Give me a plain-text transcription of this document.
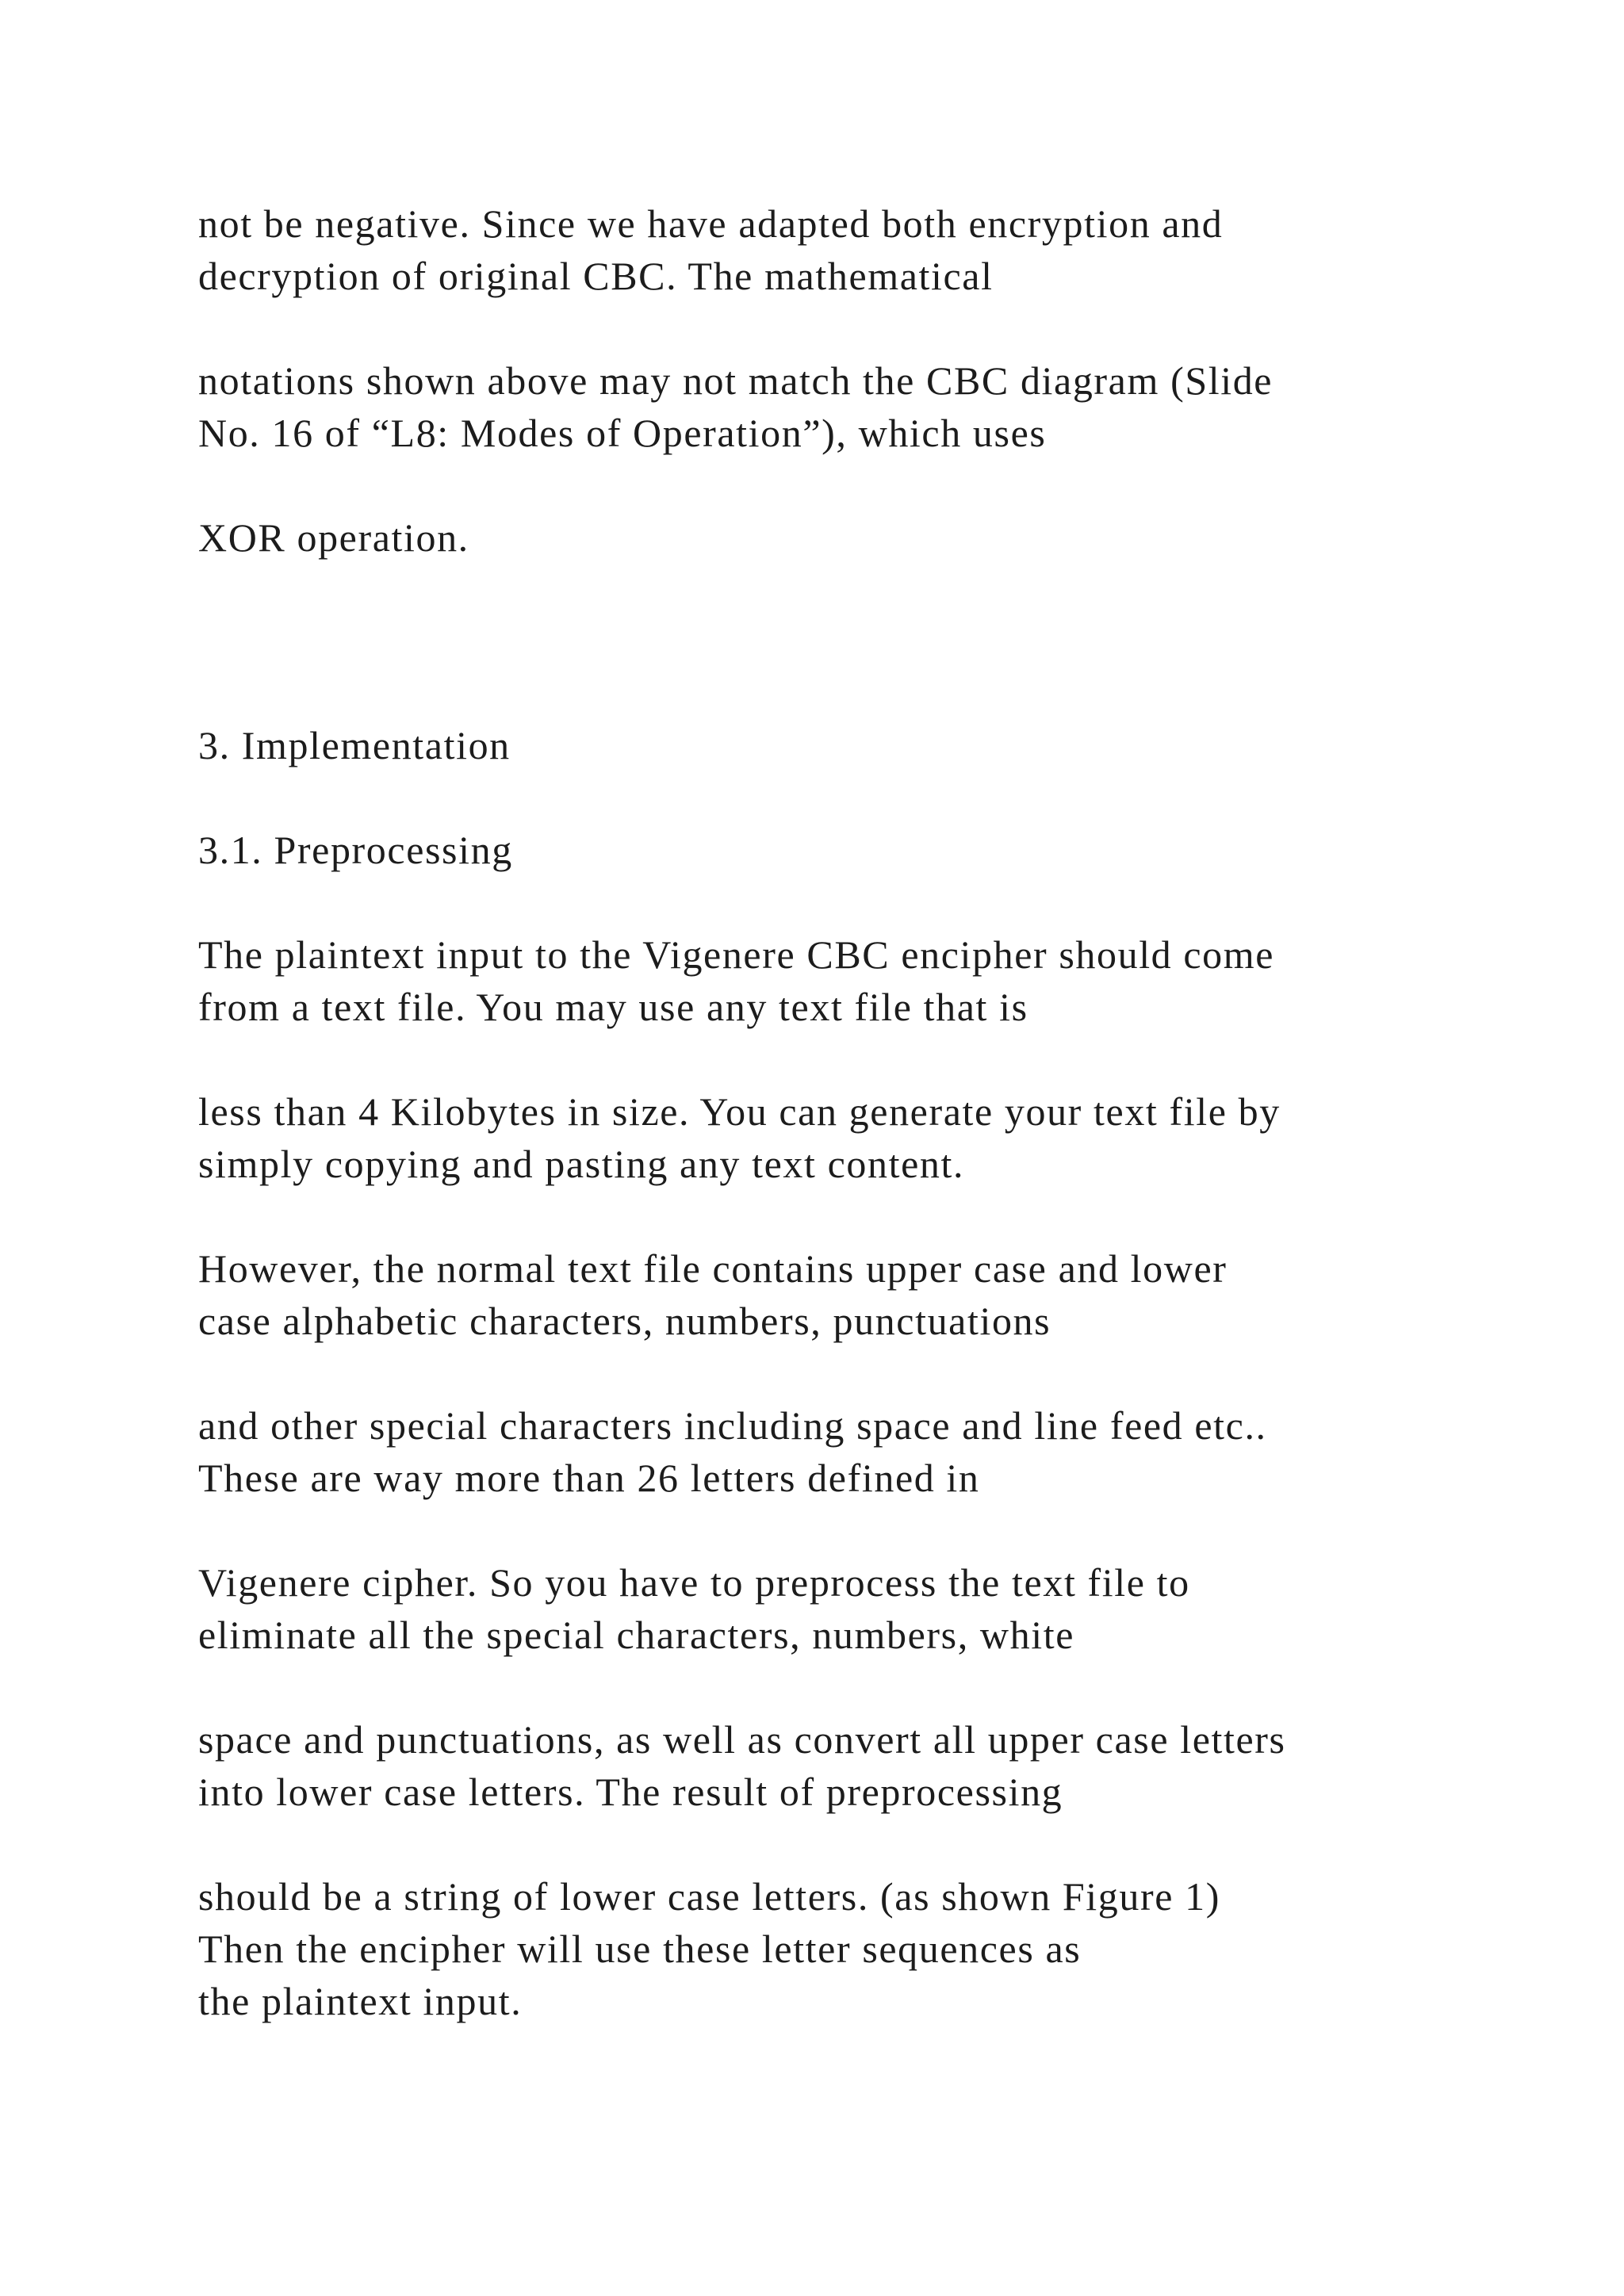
not be negative. Since we have adapted both encryption and

decryption of original CBC. The mathematical

notations shown above may not match the CBC diagram (Slide

No. 16 of “L8: Modes of Operation”), which uses

XOR operation.

3. Implementation

3.1. Preprocessing

The plaintext input to the Vigenere CBC encipher should come

from a text file. You may use any text file that is

less than 4 Kilobytes in size. You can generate your text file by

simply copying and pasting any text content.

However, the normal text file contains upper case and lower

case alphabetic characters, numbers, punctuations

and other special characters including space and line feed etc..

These are way more than 26 letters defined in

Vigenere cipher. So you have to preprocess the text file to

eliminate all the special characters, numbers, white

space and punctuations, as well as convert all upper case letters

into lower case letters. The result of preprocessing

should be a string of lower case letters. (as shown Figure 1)

Then the encipher will use these letter sequences as

the plaintext input.
